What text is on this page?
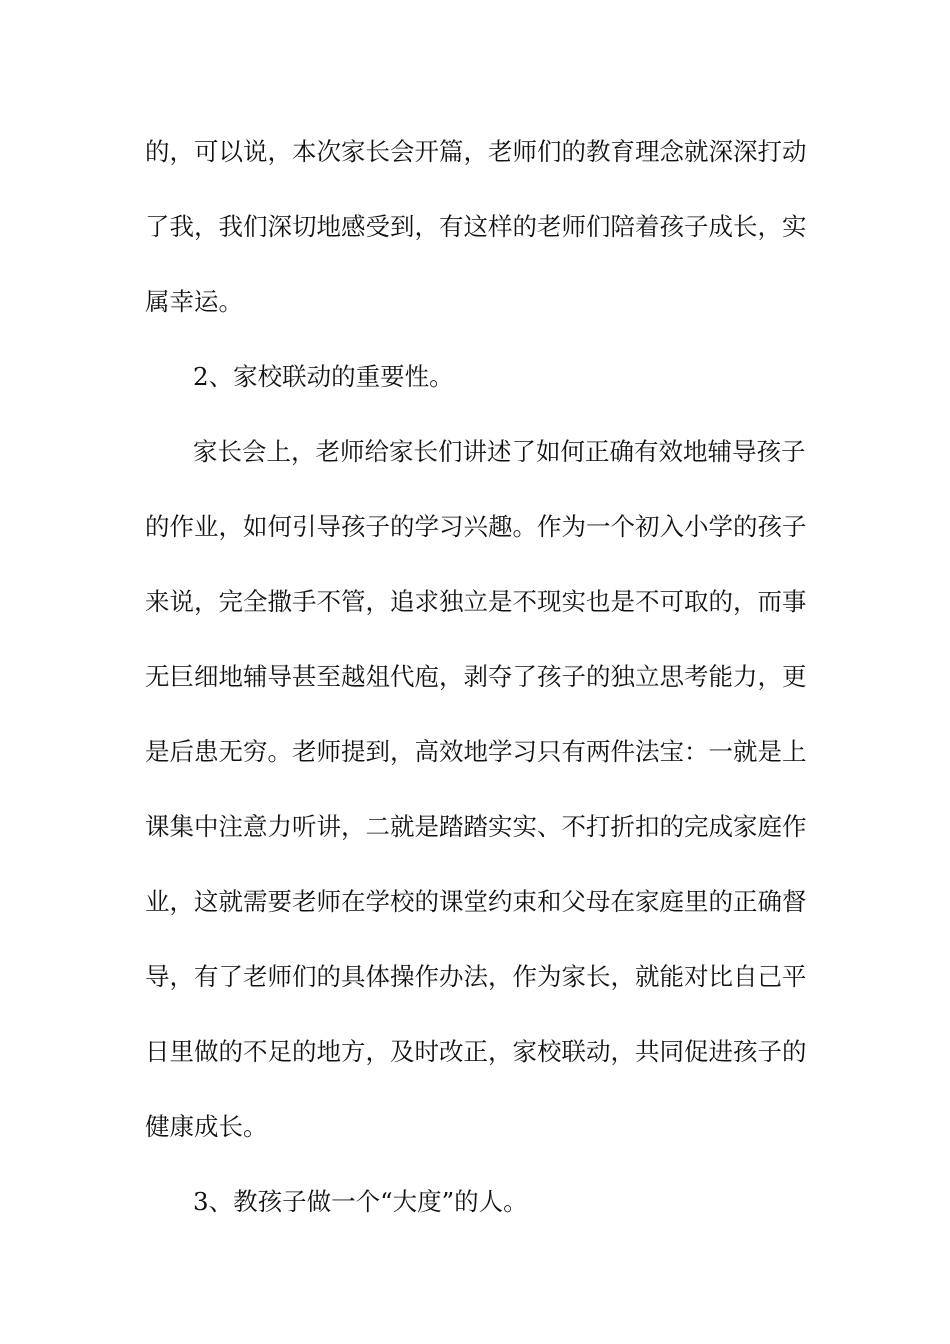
的，可以说，本次家长会开篇，老师们的教育理念就深深打动
了我，我们深切地感受到，有这样的老师们陪着孩子成长，实
属幸运。
2、家校联动的重要性。
家长会上，老师给家长们讲述了如何正确有效地辅导孩子
的作业，如何引导孩子的学习兴趣。作为一个初入小学的孩子
来说，完全撒手不管，追求独立是不现实也是不可取的，而事
无巨细地辅导甚至越俎代庖，剥夺了孩子的独立思考能力，更
是后患无穷。老师提到，高效地学习只有两件法宝：一就是上
课集中注意力听讲，二就是踏踏实实、不打折扣的完成家庭作
业，这就需要老师在学校的课堂约束和父母在家庭里的正确督
导，有了老师们的具体操作办法，作为家长，就能对比自己平
日里做的不足的地方，及时改正，家校联动，共同促进孩子的
健康成长。
3、教孩子做一个“大度”的人。
